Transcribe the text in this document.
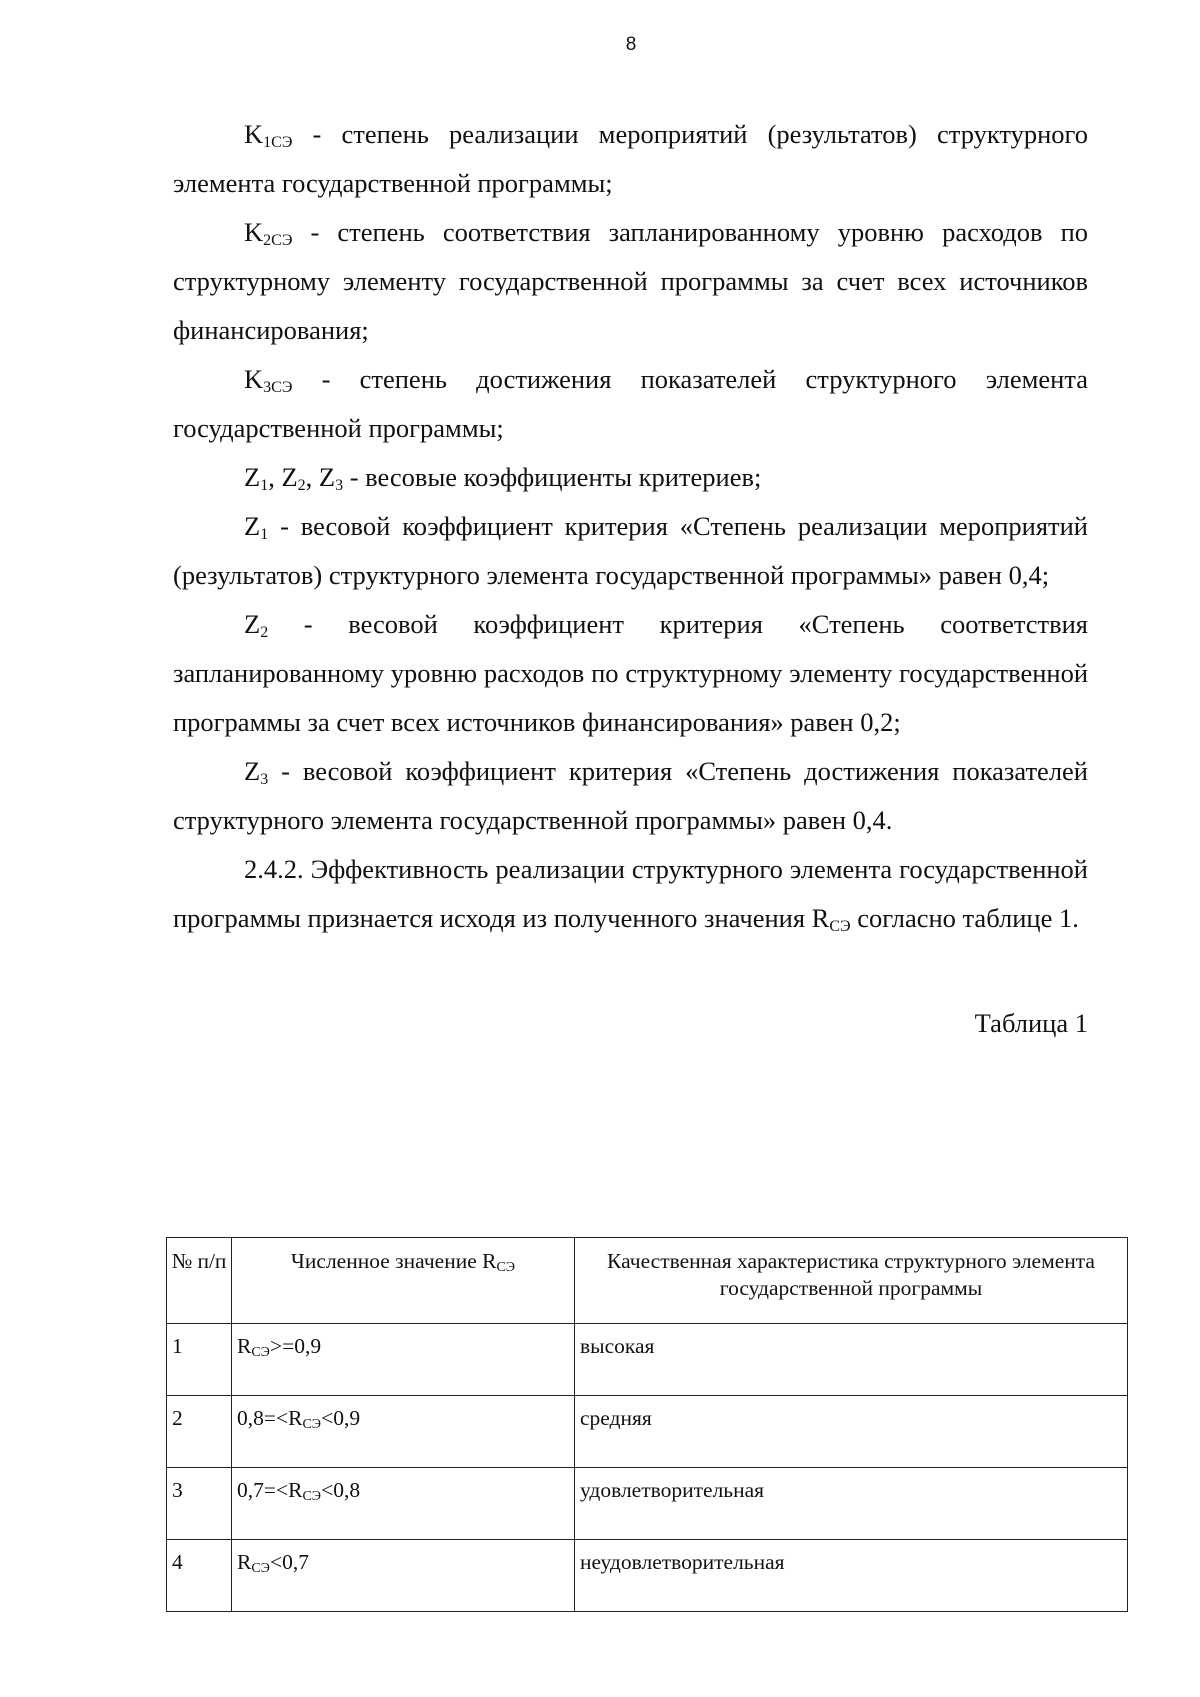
8

$K_{1СЭ}$ - степень реализации мероприятий (результатов) структурного элемента государственной программы;

$K_{2СЭ}$ - степень соответствия запланированному уровню расходов по структурному элементу государственной программы за счет всех источников финансирования;

$K_{3СЭ}$ - степень достижения показателей структурного элемента государственной программы;

$Z_1$, $Z_2$, $Z_3$ - весовые коэффициенты критериев;

$Z_1$ - весовой коэффициент критерия «Степень реализации мероприятий (результатов) структурного элемента государственной программы» равен 0,4;

$Z_2$ - весовой коэффициент критерия «Степень соответствия запланированному уровню расходов по структурному элементу государственной программы за счет всех источников финансирования» равен 0,2;

$Z_3$ - весовой коэффициент критерия «Степень достижения показателей структурного элемента государственной программы» равен 0,4.

2.4.2. Эффективность реализации структурного элемента государственной программы признается исходя из полученного значения $R_{СЭ}$ согласно таблице 1.

Таблица 1
№ п/п	Численное значение $R_{СЭ}$	Качественная характеристика структурного элемента государственной программы
1	$R_{СЭ}>=0,9$	высокая
2	$0,8=<R_{СЭ}<0,9$	средняя
3	$0,7=<R_{СЭ}<0,8$	удовлетворительная
4	$R_{СЭ}<0,7$	неудовлетворительная
